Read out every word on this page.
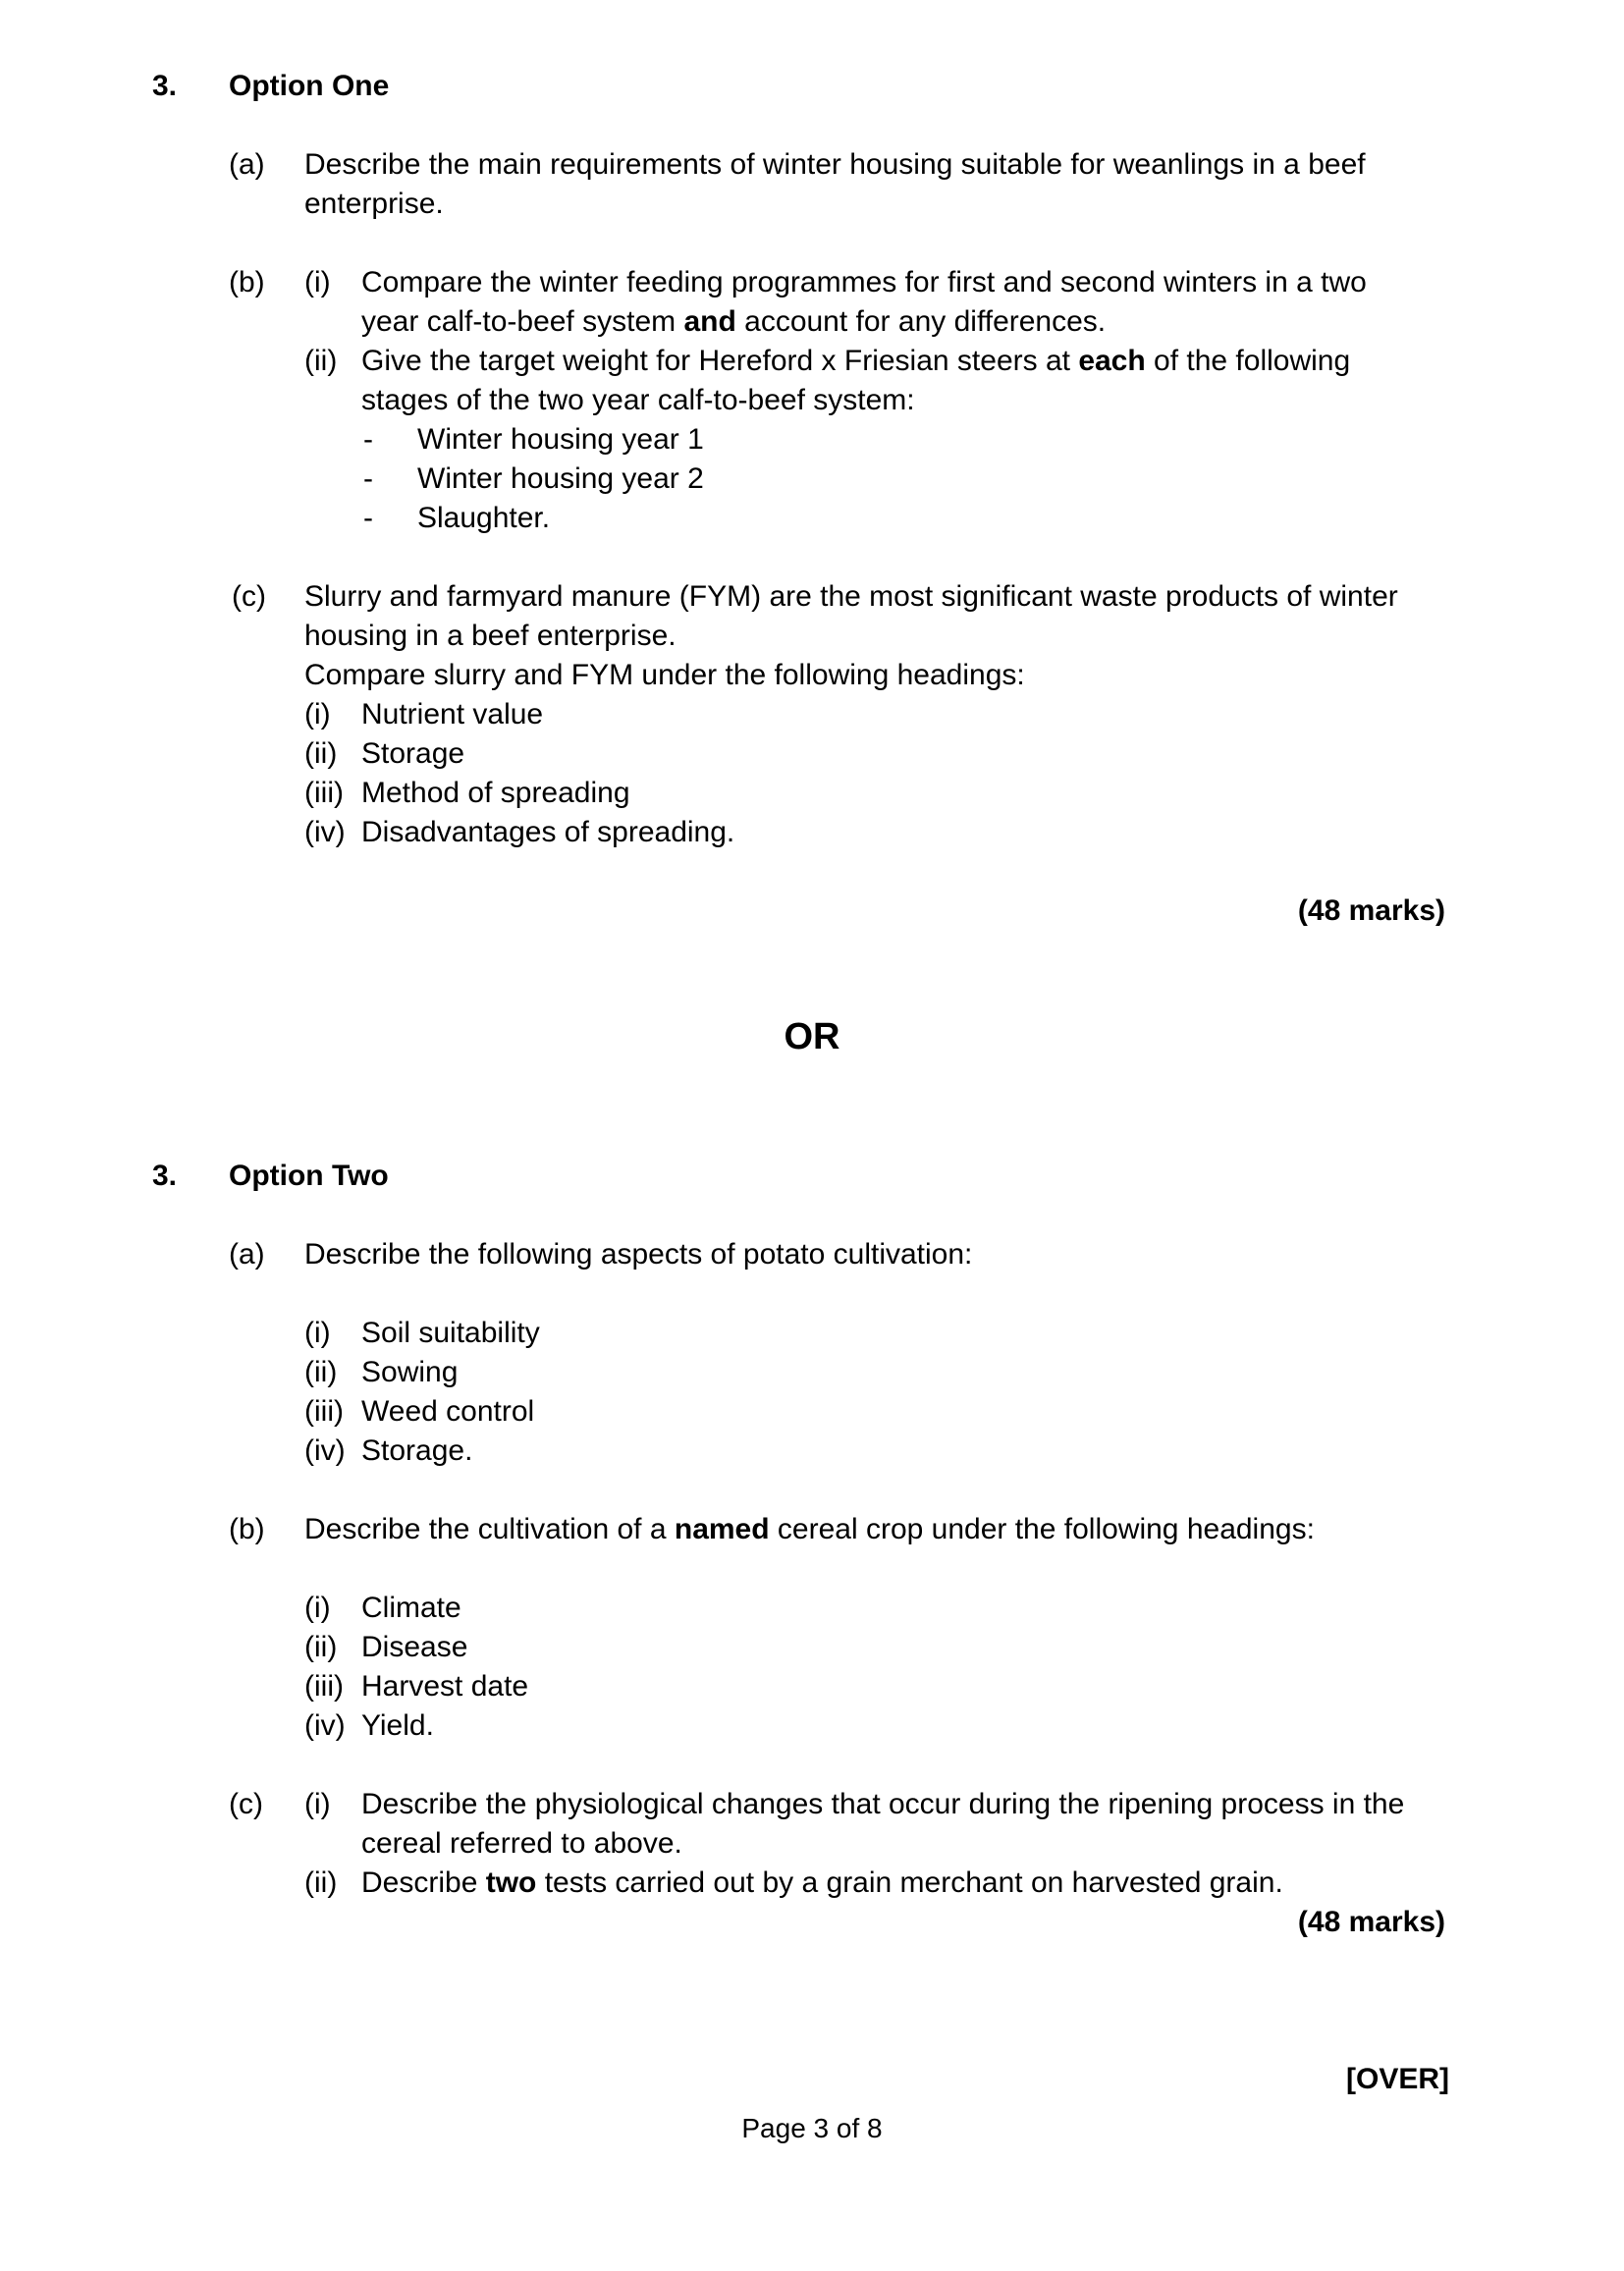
3. Option One
(a) Describe the main requirements of winter housing suitable for weanlings in a beef
enterprise.
(b) (i) Compare the winter feeding programmes for first and second winters in a two
year calf-to-beef system and account for any differences.
(ii) Give the target weight for Hereford x Friesian steers at each of the following
stages of the two year calf-to-beef system:
- Winter housing year 1
- Winter housing year 2
- Slaughter.
(c) Slurry and farmyard manure (FYM) are the most significant waste products of winter
housing in a beef enterprise.
Compare slurry and FYM under the following headings:
(i) Nutrient value
(ii) Storage
(iii) Method of spreading
(iv) Disadvantages of spreading.
(48 marks)
OR
3. Option Two
(a) Describe the following aspects of potato cultivation:
(i) Soil suitability
(ii) Sowing
(iii) Weed control
(iv) Storage.
(b) Describe the cultivation of a named cereal crop under the following headings:
(i) Climate
(ii) Disease
(iii) Harvest date
(iv) Yield.
(c) (i) Describe the physiological changes that occur during the ripening process in the
cereal referred to above.
(ii) Describe two tests carried out by a grain merchant on harvested grain.
(48 marks)
[OVER]
Page 3 of 8
